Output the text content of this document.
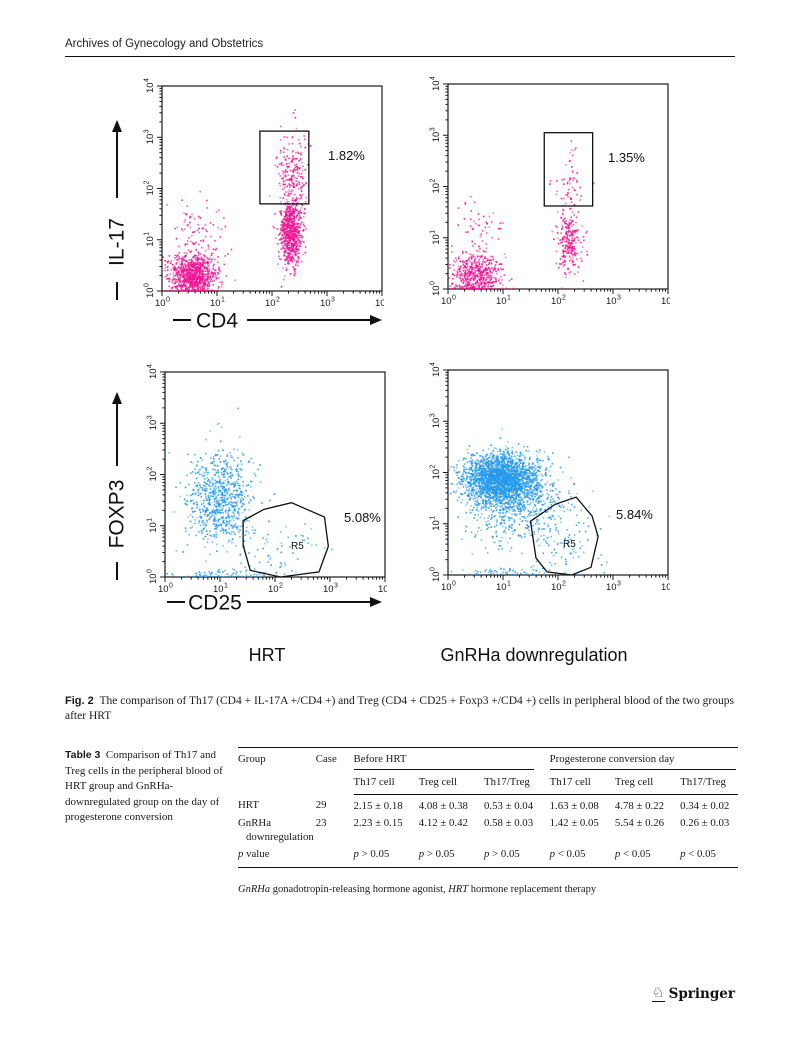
Archives of Gynecology and Obstetrics
IL-17
CD4
FOXP3
CD25
1.82%	1.35%
5.08%	5.84%
R5	R5
HRT	GnRHa downregulation
Fig. 2 The comparison of Th17 (CD4 + IL-17A +/CD4 +) and Treg (CD4 + CD25 + Foxp3 +/CD4 +) cells in peripheral blood of the two groups after HRT
Table 3 Comparison of Th17 and Treg cells in the peripheral blood of HRT group and GnRHa-downregulated group on the day of progesterone conversion
Group	Case	Before HRT			Progesterone conversion day		

		Th17 cell	Treg cell	Th17/Treg	Th17 cell	Treg cell	Th17/Treg
HRT	29	2.15 ± 0.18	4.08 ± 0.38	0.53 ± 0.04	1.63 ± 0.08	4.78 ± 0.22	0.34 ± 0.02
GnRHa downregulation	23	2.23 ± 0.15	4.12 ± 0.42	0.58 ± 0.03	1.42 ± 0.05	5.54 ± 0.26	0.26 ± 0.03
p value		p > 0.05	p > 0.05	p > 0.05	p < 0.05	p < 0.05	p < 0.05
GnRHa gonadotropin-releasing hormone agonist, HRT hormone replacement therapy
♘ Springer
